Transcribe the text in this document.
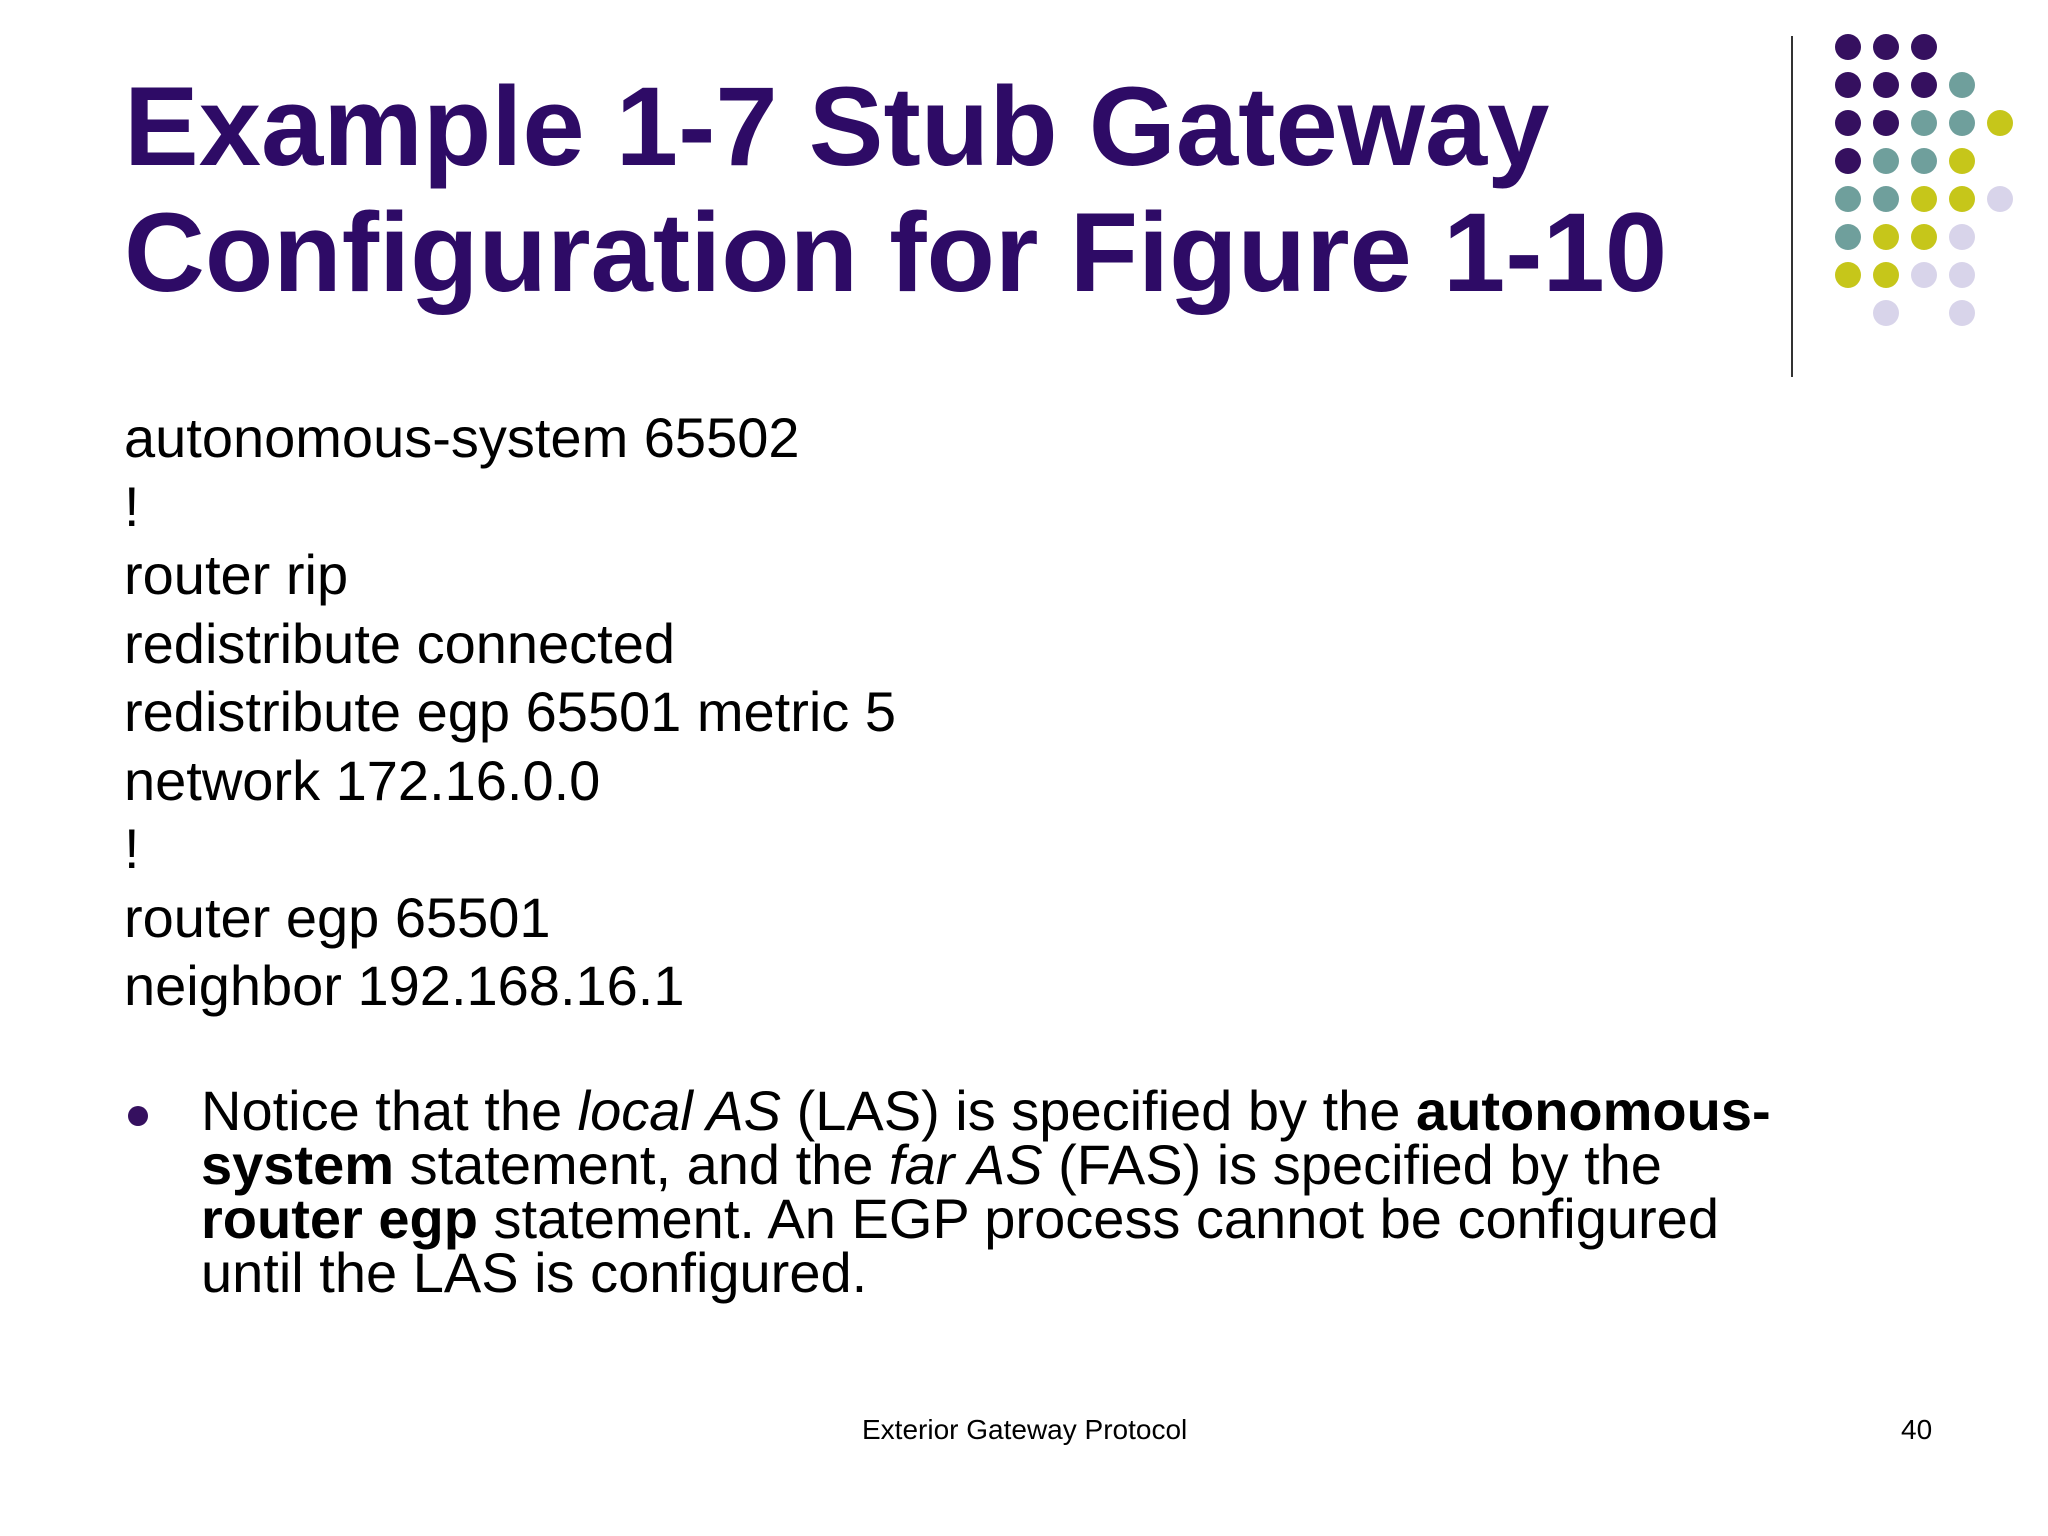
Example 1-7 Stub Gateway
Configuration for Figure 1-10
autonomous-system 65502
!
router rip
redistribute connected
redistribute egp 65501 metric 5
network 172.16.0.0
!
router egp 65501
neighbor 192.168.16.1

Notice that the local AS (LAS) is specified by the autonomous-
system statement, and the far AS (FAS) is specified by the
router egp statement. An EGP process cannot be configured
until the LAS is configured.

Exterior Gateway Protocol	40
